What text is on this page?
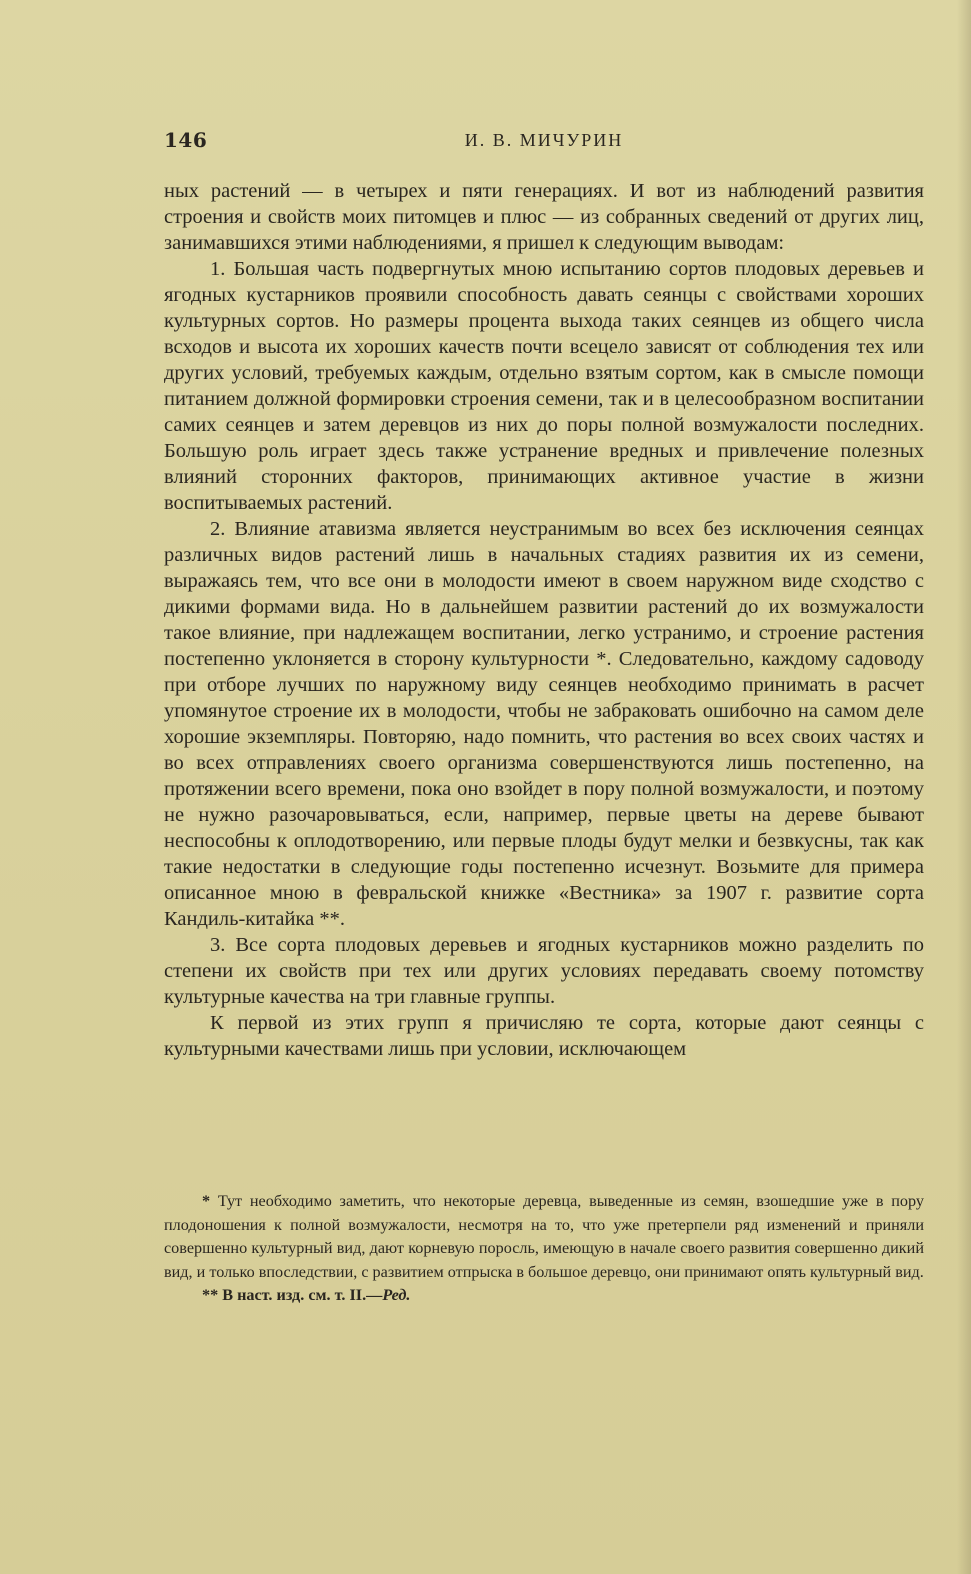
146	И. В. МИЧУРИН

ных растений — в четырех и пяти генерациях. И вот из наблюдений развития строения и свойств моих питомцев и плюс — из собранных сведений от других лиц, занимавшихся этими наблюдениями, я пришел к следующим выводам:

1. Большая часть подвергнутых мною испытанию сортов плодовых деревьев и ягодных кустарников проявили способность давать сеянцы с свойствами хороших культурных сортов. Но размеры процента выхода таких сеянцев из общего числа всходов и высота их хороших качеств почти всецело зависят от соблюдения тех или других условий, требуемых каждым, отдельно взятым сортом, как в смысле помощи питанием должной формировки строения семени, так и в целесообразном воспитании самих сеянцев и затем деревцов из них до поры полной возмужалости последних. Большую роль играет здесь также устранение вредных и привлечение полезных влияний сторонних факторов, принимающих активное участие в жизни воспитываемых растений.

2. Влияние атавизма является неустранимым во всех без исключения сеянцах различных видов растений лишь в начальных стадиях развития их из семени, выражаясь тем, что все они в молодости имеют в своем наружном виде сходство с дикими формами вида. Но в дальнейшем развитии растений до их возмужалости такое влияние, при надлежащем воспитании, легко устранимо, и строение растения постепенно уклоняется в сторону культурности *. Следовательно, каждому садоводу при отборе лучших по наружному виду сеянцев необходимо принимать в расчет упомянутое строение их в молодости, чтобы не забраковать ошибочно на самом деле хорошие экземпляры. Повторяю, надо помнить, что растения во всех своих частях и во всех отправлениях своего организма совершенствуются лишь постепенно, на протяжении всего времени, пока оно взойдет в пору полной возмужалости, и поэтому не нужно разочаровываться, если, например, первые цветы на дереве бывают неспособны к оплодотворению, или первые плоды будут мелки и безвкусны, так как такие недостатки в следующие годы постепенно исчезнут. Возьмите для примера описанное мною в февральской книжке «Вестника» за 1907 г. развитие сорта Кандиль-китайка **.

3. Все сорта плодовых деревьев и ягодных кустарников можно разделить по степени их свойств при тех или других условиях передавать своему потомству культурные качества на три главные группы.

К первой из этих групп я причисляю те сорта, которые дают сеянцы с культурными качествами лишь при условии, исключающем

* Тут необходимо заметить, что некоторые деревца, выведенные из семян, взошедшие уже в пору плодоношения к полной возмужалости, несмотря на то, что уже претерпели ряд изменений и приняли совершенно культурный вид, дают корневую поросль, имеющую в начале своего развития совершенно дикий вид, и только впоследствии, с развитием отпрыска в большое деревцо, они принимают опять культурный вид.

** В наст. изд. см. т. II.—Ред.
